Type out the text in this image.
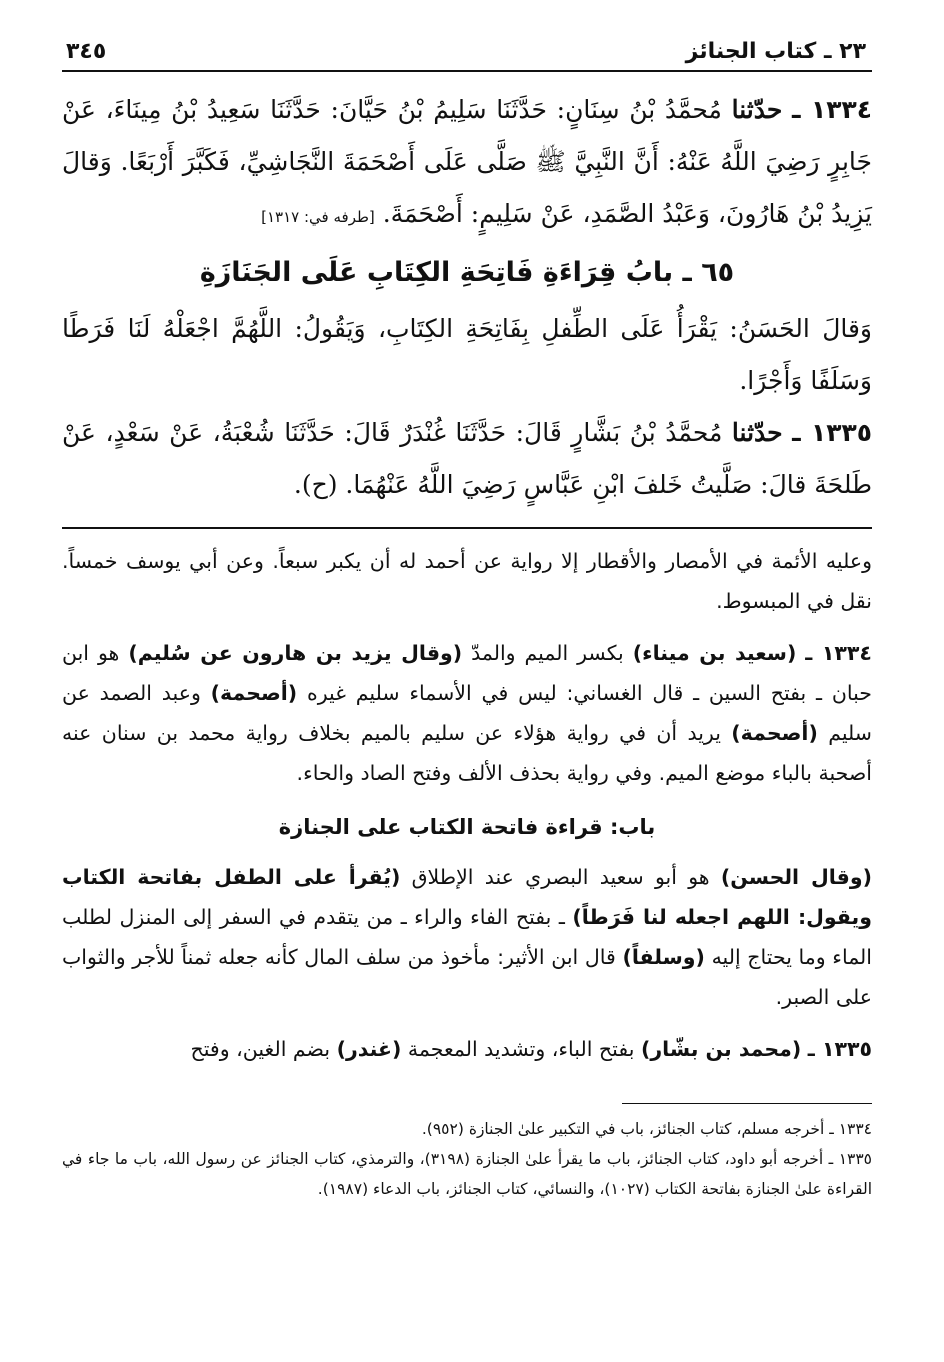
٢٣ ـ كتاب الجنائز
٣٤٥

١٣٣٤ ـ حدّثنا مُحمَّدُ بْنُ سِنَانٍ: حَدَّثَنَا سَلِيمُ بْنُ حَيَّانَ: حَدَّثَنَا سَعِيدُ بْنُ مِينَاءَ، عَنْ جَابِرٍ رَضِيَ اللَّهُ عَنْهُ: أَنَّ النَّبِيَّ ﷺ صَلَّى عَلَى أَصْحَمَةَ النَّجَاشِيِّ، فَكَبَّرَ أَرْبَعًا. وَقالَ يَزِيدُ بْنُ هَارُونَ، وَعَبْدُ الصَّمَدِ، عَنْ سَلِيمٍ: أَصْحَمَةَ. [طرفه في: ١٣١٧]

٦٥ ـ بابُ قِرَاءَةِ فَاتِحَةِ الكِتَابِ عَلَى الجَنَازَةِ

وَقالَ الحَسَنُ: يَقْرَأُ عَلَى الطِّفلِ بِفَاتِحَةِ الكِتَابِ، وَيَقُولُ: اللَّهُمَّ اجْعَلْهُ لَنَا فَرَطًا وَسَلَفًا وَأَجْرًا.

١٣٣٥ ـ حدّثنا مُحمَّدُ بْنُ بَشَّارٍ قَالَ: حَدَّثَنَا غُنْدَرٌ قَالَ: حَدَّثَنَا شُعْبَةُ، عَنْ سَعْدٍ، عَنْ طَلحَةَ قالَ: صَلَّيتُ خَلفَ ابْنِ عَبَّاسٍ رَضِيَ اللَّهُ عَنْهُمَا. (ح).

وعليه الأئمة في الأمصار والأقطار إلا رواية عن أحمد له أن يكبر سبعاً. وعن أبي يوسف خمساً. نقل في المبسوط.

١٣٣٤ ـ (سعيد بن ميناء) بكسر الميم والمدّ (وقال يزيد بن هارون عن سُليم) هو ابن حبان ـ بفتح السين ـ قال الغساني: ليس في الأسماء سليم غيره (أصحمة) وعبد الصمد عن سليم (أصحمة) يريد أن في رواية هؤلاء عن سليم بالميم بخلاف رواية محمد بن سنان عنه أصحبة بالباء موضع الميم. وفي رواية بحذف الألف وفتح الصاد والحاء.

باب: قراءة فاتحة الكتاب على الجنازة

(وقال الحسن) هو أبو سعيد البصري عند الإطلاق (يُقرأ على الطفل بفاتحة الكتاب ويقول: اللهم اجعله لنا فَرَطاً) ـ بفتح الفاء والراء ـ من يتقدم في السفر إلى المنزل لطلب الماء وما يحتاج إليه (وسلفاً) قال ابن الأثير: مأخوذ من سلف المال كأنه جعله ثمناً للأجر والثواب على الصبر.

١٣٣٥ ـ (محمد بن بشّار) بفتح الباء، وتشديد المعجمة (غندر) بضم الغين، وفتح

١٣٣٤ ـ أخرجه مسلم، كتاب الجنائز، باب في التكبير علىٰ الجنازة (٩٥٢).

١٣٣٥ ـ أخرجه أبو داود، كتاب الجنائز، باب ما يقرأ علىٰ الجنازة (٣١٩٨)، والترمذي، كتاب الجنائز عن رسول الله، باب ما جاء في القراءة علىٰ الجنازة بفاتحة الكتاب (١٠٢٧)، والنسائي، كتاب الجنائز، باب الدعاء (١٩٨٧).
